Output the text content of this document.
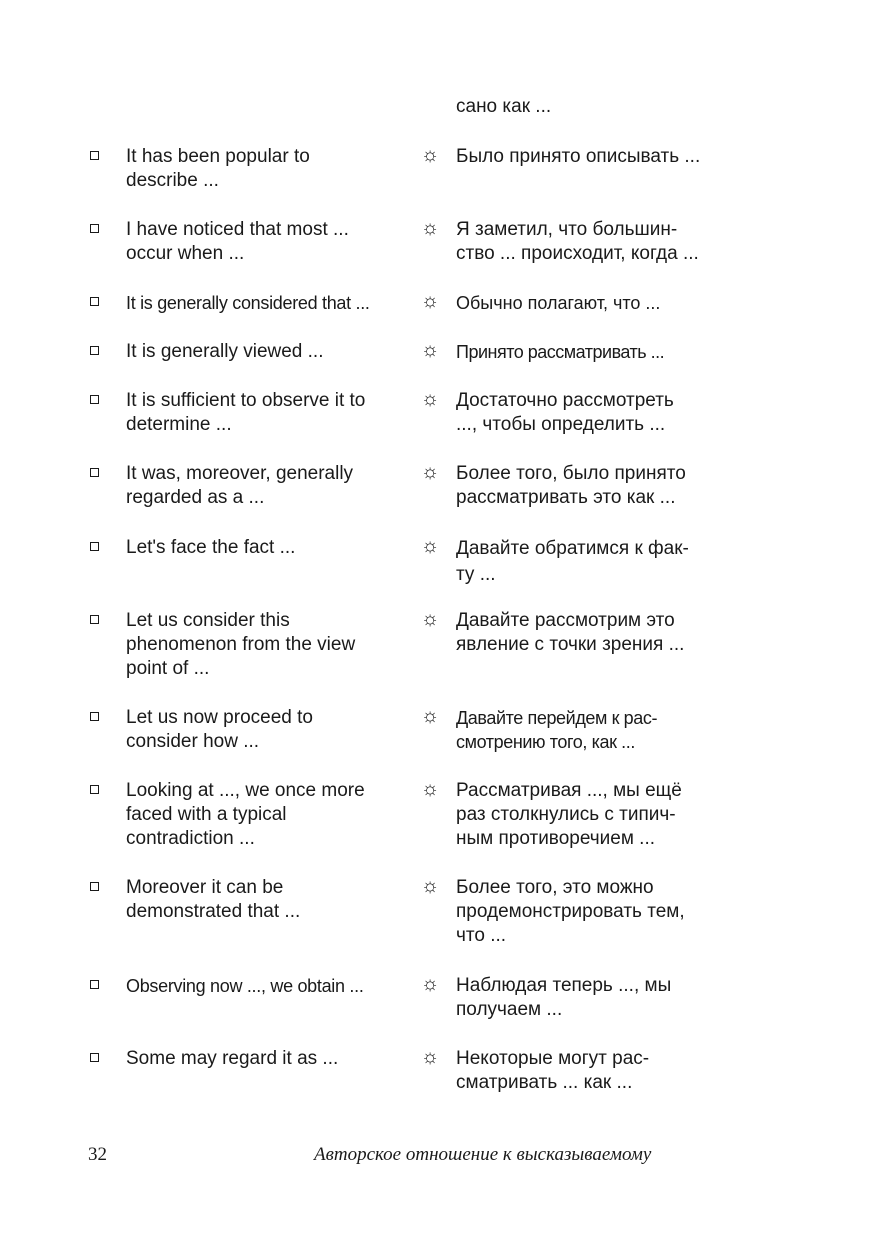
сано как ...
It has been popular to
describe ...
☼ Было принято описывать ...
I have noticed that most ...
occur when ...
☼ Я заметил, что большин-
ство ... происходит, когда ...
It is generally considered that ...	☼ Обычно полагают, что ...
It is generally viewed ...	☼ Принято рассматривать ...
It is sufficient to observe it to
determine ...
☼ Достаточно рассмотреть
..., чтобы определить ...
It was, moreover, generally
regarded as a ...
☼ Более того, было принято
рассматривать это как ...
Let's face the fact ...	☼ Давайте обратимся к фак-
ту ...
Let us consider this
phenomenon from the view
point of ...
☼ Давайте рассмотрим это
явление с точки зрения ...
Let us now proceed to
consider how ...
☼ Давайте перейдем к рас-
смотрению того, как ...
Looking at ..., we once more
faced with a typical
contradiction ...
☼ Рассматривая ..., мы ещё
раз столкнулись с типич-
ным противоречием ...
Moreover it can be
demonstrated that ...
☼ Более того, это можно
продемонстрировать тем,
что ...
Observing now ..., we obtain ...	☼ Наблюдая теперь ..., мы
получаем ...
Some may regard it as ...	☼ Некоторые могут рас-
сматривать ... как ...
32	Авторское отношение к высказываемому
